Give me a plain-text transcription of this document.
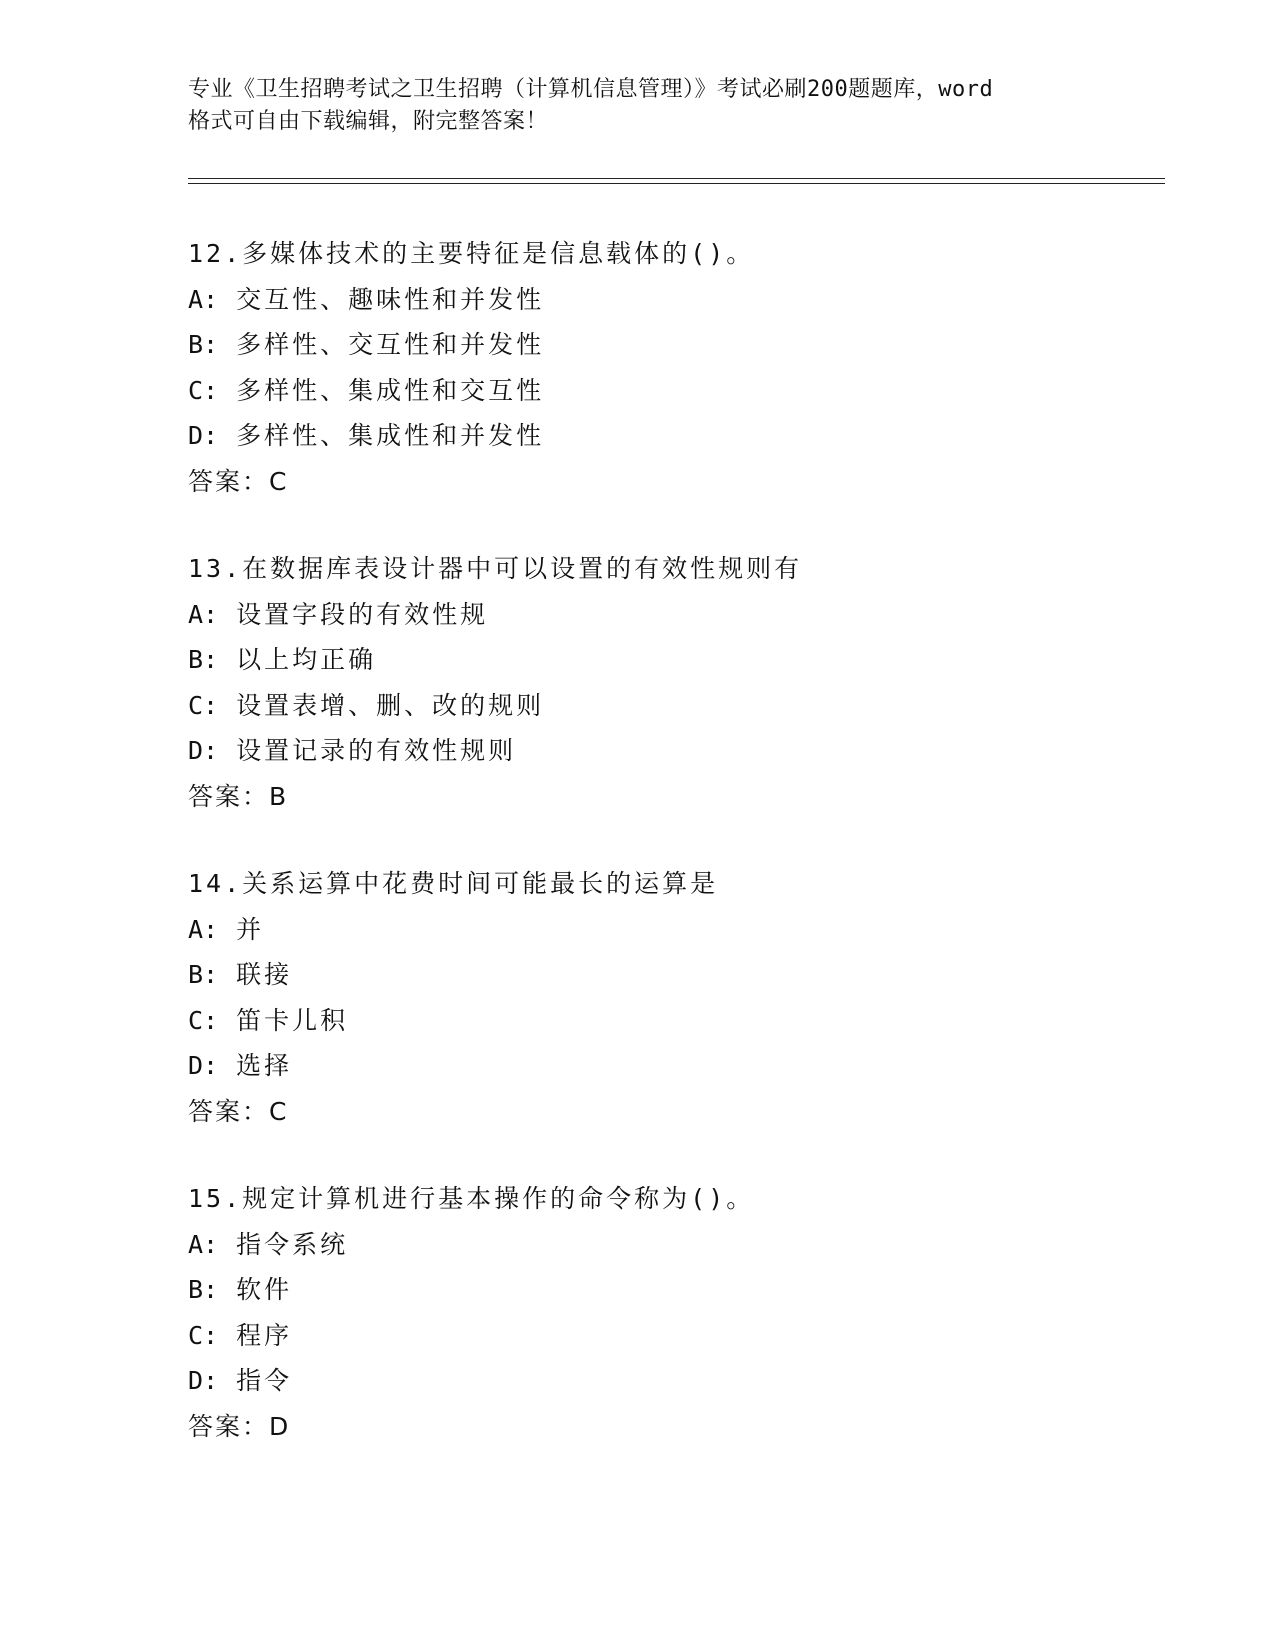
专业《卫生招聘考试之卫生招聘（计算机信息管理）》考试必刷200题题库，word
格式可自由下载编辑，附完整答案！
12.多媒体技术的主要特征是信息载体的()。
A: 交互性、趣味性和并发性
B: 多样性、交互性和并发性
C: 多样性、集成性和交互性
D: 多样性、集成性和并发性
答案：C
13.在数据库表设计器中可以设置的有效性规则有
A: 设置字段的有效性规
B: 以上均正确
C: 设置表增、删、改的规则
D: 设置记录的有效性规则
答案：B
14.关系运算中花费时间可能最长的运算是
A: 并
B: 联接
C: 笛卡儿积
D: 选择
答案：C
15.规定计算机进行基本操作的命令称为()。
A: 指令系统
B: 软件
C: 程序
D: 指令
答案：D
